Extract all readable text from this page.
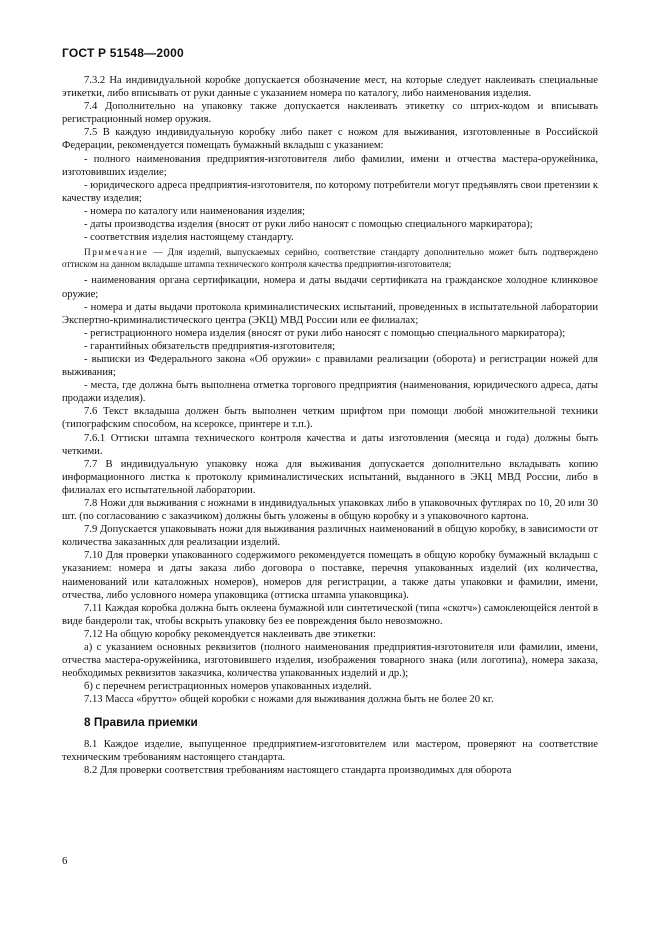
ГОСТ Р 51548—2000

7.3.2 На индивидуальной коробке допускается обозначение мест, на которые следует наклеивать специальные этикетки, либо вписывать от руки данные с указанием номера по каталогу, либо наименования изделия.

7.4 Дополнительно на упаковку также допускается наклеивать этикетку со штрих-кодом и вписывать регистрационный номер оружия.

7.5 В каждую индивидуальную коробку либо пакет с ножом для выживания, изготовленные в Российской Федерации, рекомендуется помещать бумажный вкладыш с указанием:

- полного наименования предприятия-изготовителя либо фамилии, имени и отчества мастера-оружейника, изготовивших изделие;

- юридического адреса предприятия-изготовителя, по которому потребители могут предъявлять свои претензии к качеству изделия;

- номера по каталогу или наименования изделия;

- даты производства изделия (вносят от руки либо наносят с помощью специального маркиратора);

- соответствия изделия настоящему стандарту.

Примечание — Для изделий, выпускаемых серийно, соответствие стандарту дополнительно может быть подтверждено оттиском на данном вкладыше штампа технического контроля качества предприятия-изготовителя;

- наименования органа сертификации, номера и даты выдачи сертификата на гражданское холодное клинковое оружие;

- номера и даты выдачи протокола криминалистических испытаний, проведенных в испытательной лаборатории Экспертно-криминалистического центра (ЭКЦ) МВД России или ее филиалах;

- регистрационного номера изделия (вносят от руки либо наносят с помощью специального маркиратора);

- гарантийных обязательств предприятия-изготовителя;

- выписки из Федерального закона «Об оружии» с правилами реализации (оборота) и регистрации ножей для выживания;

- места, где должна быть выполнена отметка торгового предприятия (наименования, юридического адреса, даты продажи изделия).

7.6 Текст вкладыша должен быть выполнен четким шрифтом при помощи любой множительной техники (типографским способом, на ксероксе, принтере и т.п.).

7.6.1 Оттиски штампа технического контроля качества и даты изготовления (месяца и года) должны быть четкими.

7.7 В индивидуальную упаковку ножа для выживания допускается дополнительно вкладывать копию информационного листка к протоколу криминалистических испытаний, выданного в ЭКЦ МВД России, либо в филиалах его испытательной лаборатории.

7.8 Ножи для выживания с ножнами в индивидуальных упаковках либо в упаковочных футлярах по 10, 20 или 30 шт. (по согласованию с заказчиком) должны быть уложены в общую коробку и з упаковочного картона.

7.9 Допускается упаковывать ножи для выживания различных наименований в общую коробку, в зависимости от количества заказанных для реализации изделий.

7.10 Для проверки упакованного содержимого рекомендуется помещать в общую коробку бумажный вкладыш с указанием: номера и даты заказа либо договора о поставке, перечня упакованных изделий (их количества, наименований или каталожных номеров), номеров для регистрации, а также даты упаковки и фамилии, имени, отчества, либо условного номера упаковщика (оттиска штампа упаковщика).

7.11 Каждая коробка должна быть оклеена бумажной или синтетической (типа «скотч») самоклеющейся лентой в виде бандероли так, чтобы вскрыть упаковку без ее повреждения было невозможно.

7.12 На общую коробку рекомендуется наклеивать две этикетки:

а) с указанием основных реквизитов (полного наименования предприятия-изготовителя или фамилии, имени, отчества мастера-оружейника, изготовившего изделия, изображения товарного знака (или логотипа), номера заказа, необходимых реквизитов заказчика, количества упакованных изделий и др.);

б) с перечнем регистрационных номеров упакованных изделий.

7.13 Масса «брутто» общей коробки с ножами для выживания должна быть не более 20 кг.

8 Правила приемки

8.1 Каждое изделие, выпущенное предприятием-изготовителем или мастером, проверяют на соответствие техническим требованиям настоящего стандарта.

8.2 Для проверки соответствия требованиям настоящего стандарта производимых для оборота

6
